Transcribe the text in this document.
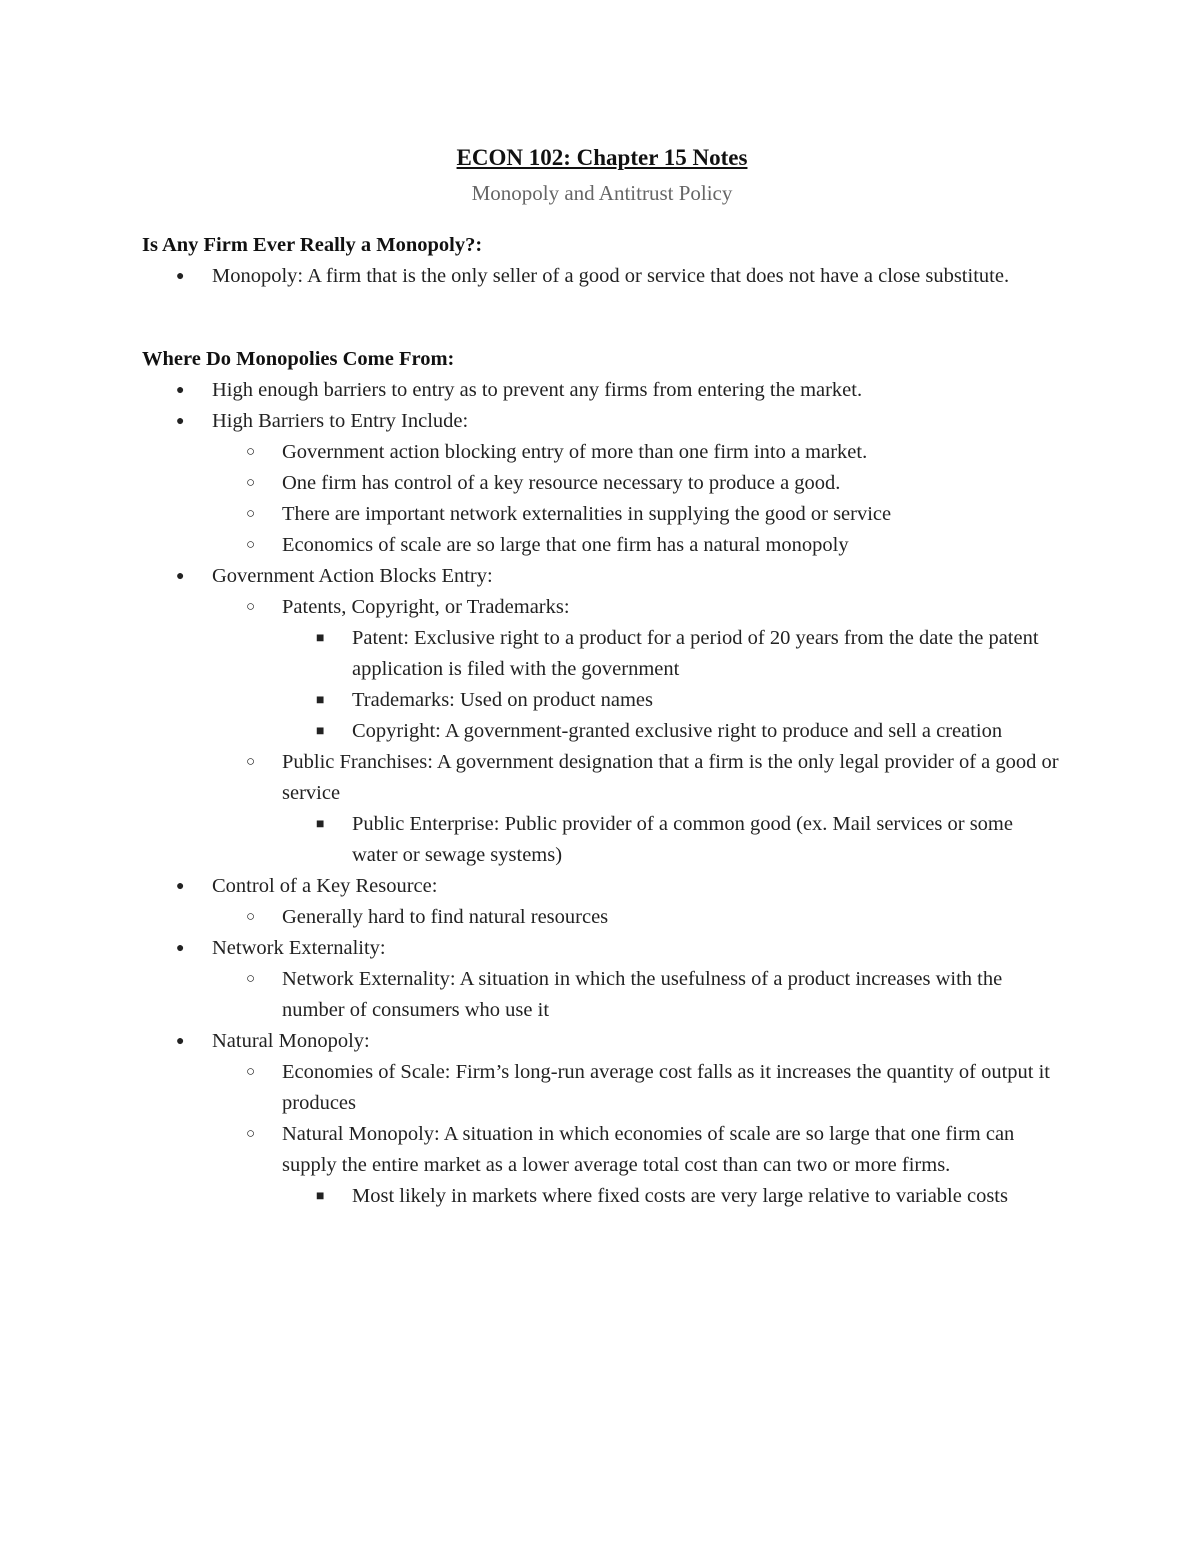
ECON 102: Chapter 15 Notes

Monopoly and Antitrust Policy

Is Any Firm Ever Really a Monopoly?:
● Monopoly: A firm that is the only seller of a good or service that does not have a close substitute.
Where Do Monopolies Come From:
● High enough barriers to entry as to prevent any firms from entering the market.
● High Barriers to Entry Include:
○ Government action blocking entry of more than one firm into a market.
○ One firm has control of a key resource necessary to produce a good.
○ There are important network externalities in supplying the good or service
○ Economics of scale are so large that one firm has a natural monopoly
● Government Action Blocks Entry:
○ Patents, Copyright, or Trademarks:
■ Patent: Exclusive right to a product for a period of 20 years from the date the patent application is filed with the government
■ Trademarks: Used on product names
■ Copyright: A government-granted exclusive right to produce and sell a creation
○ Public Franchises: A government designation that a firm is the only legal provider of a good or service
■ Public Enterprise: Public provider of a common good (ex. Mail services or some water or sewage systems)
● Control of a Key Resource:
○ Generally hard to find natural resources
● Network Externality:
○ Network Externality: A situation in which the usefulness of a product increases with the number of consumers who use it
● Natural Monopoly:
○ Economies of Scale: Firm’s long-run average cost falls as it increases the quantity of output it produces
○ Natural Monopoly: A situation in which economies of scale are so large that one firm can supply the entire market as a lower average total cost than can two or more firms.
■ Most likely in markets where fixed costs are very large relative to variable costs
